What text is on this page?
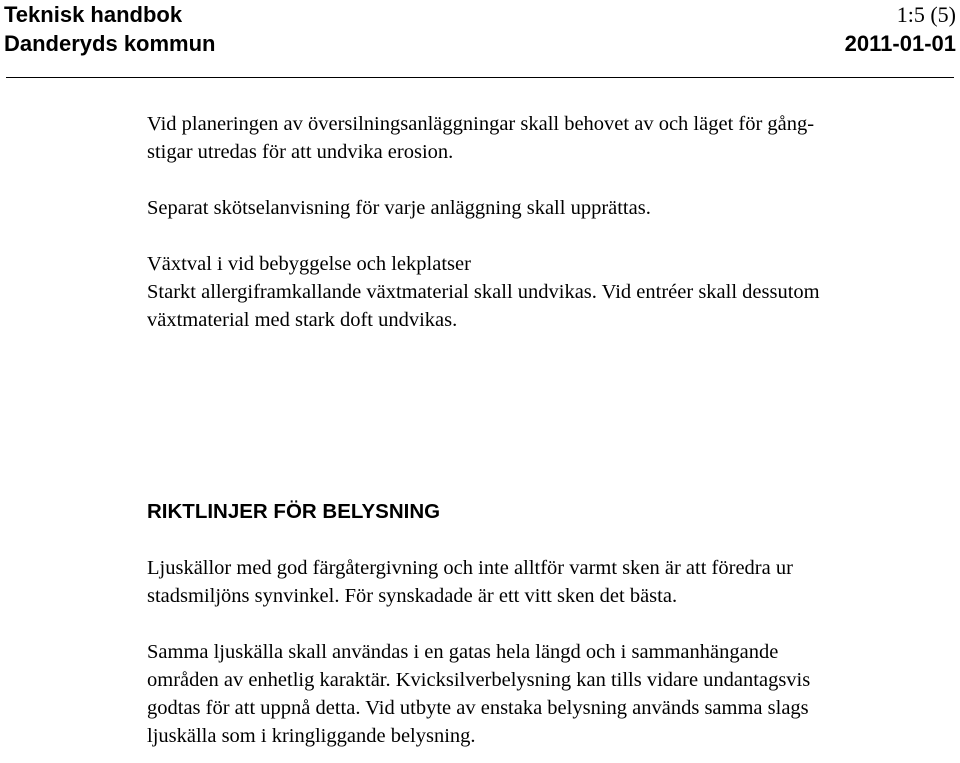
Teknisk handbok
Danderyds kommun
1:5 (5)
2011-01-01

Vid planeringen av översilningsanläggningar skall behovet av och läget för gång-

stigar utredas för att undvika erosion.

Separat skötselanvisning för varje anläggning skall upprättas.

Växtval i vid bebyggelse och lekplatser

Starkt allergiframkallande växtmaterial skall undvikas. Vid entréer skall dessutom

växtmaterial med stark doft undvikas.

RIKTLINJER FÖR BELYSNING

Ljuskällor med god färgåtergivning och inte alltför varmt sken är att föredra ur

stadsmiljöns synvinkel. För synskadade är ett vitt sken det bästa.

Samma ljuskälla skall användas i en gatas hela längd och i sammanhängande

områden av enhetlig karaktär. Kvicksilverbelysning kan tills vidare undantagsvis

godtas för att uppnå detta. Vid utbyte av enstaka belysning används samma slags

ljuskälla som i kringliggande belysning.
